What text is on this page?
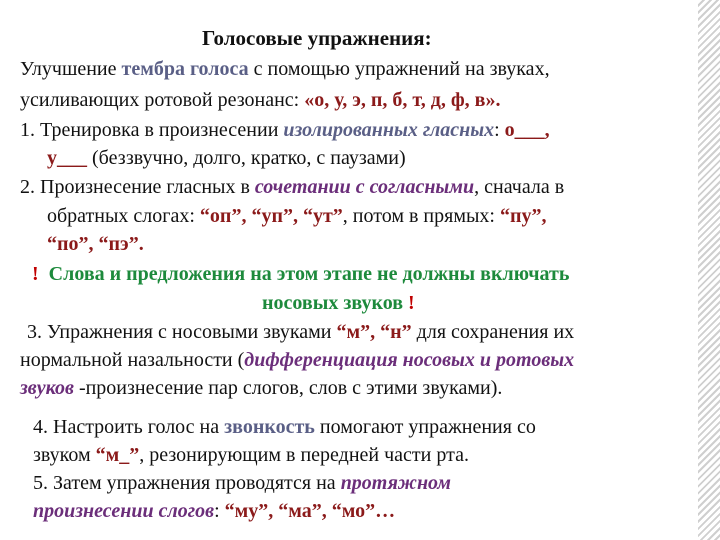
Голосовые упражнения:
Улучшение тембра голоса с помощью упражнений на звуках,
усиливающих ротовой резонанс: «о, у, э, п, б, т, д, ф, в».
1. Тренировка в произнесении изолированных гласных: о___,
у___ (беззвучно, долго, кратко, с паузами)
2. Произнесение гласных в сочетании с согласными, сначала в
обратных слогах: “оп”, “уп”, “ут”, потом в прямых: “пу”,
“по”, “пэ”.
! Слова и предложения на этом этапе не должны включать
носовых звуков !
3. Упражнения с носовыми звуками “м”, “н” для сохранения их
нормальной назальности (дифференциация носовых и ротовых
звуков -произнесение пар слогов, слов с этими звуками).
4. Настроить голос на звонкость помогают упражнения со
звуком “м_”, резонирующим в передней части рта.
5. Затем упражнения проводятся на протяжном
произнесении слогов: “му”, “ма”, “мо”…
